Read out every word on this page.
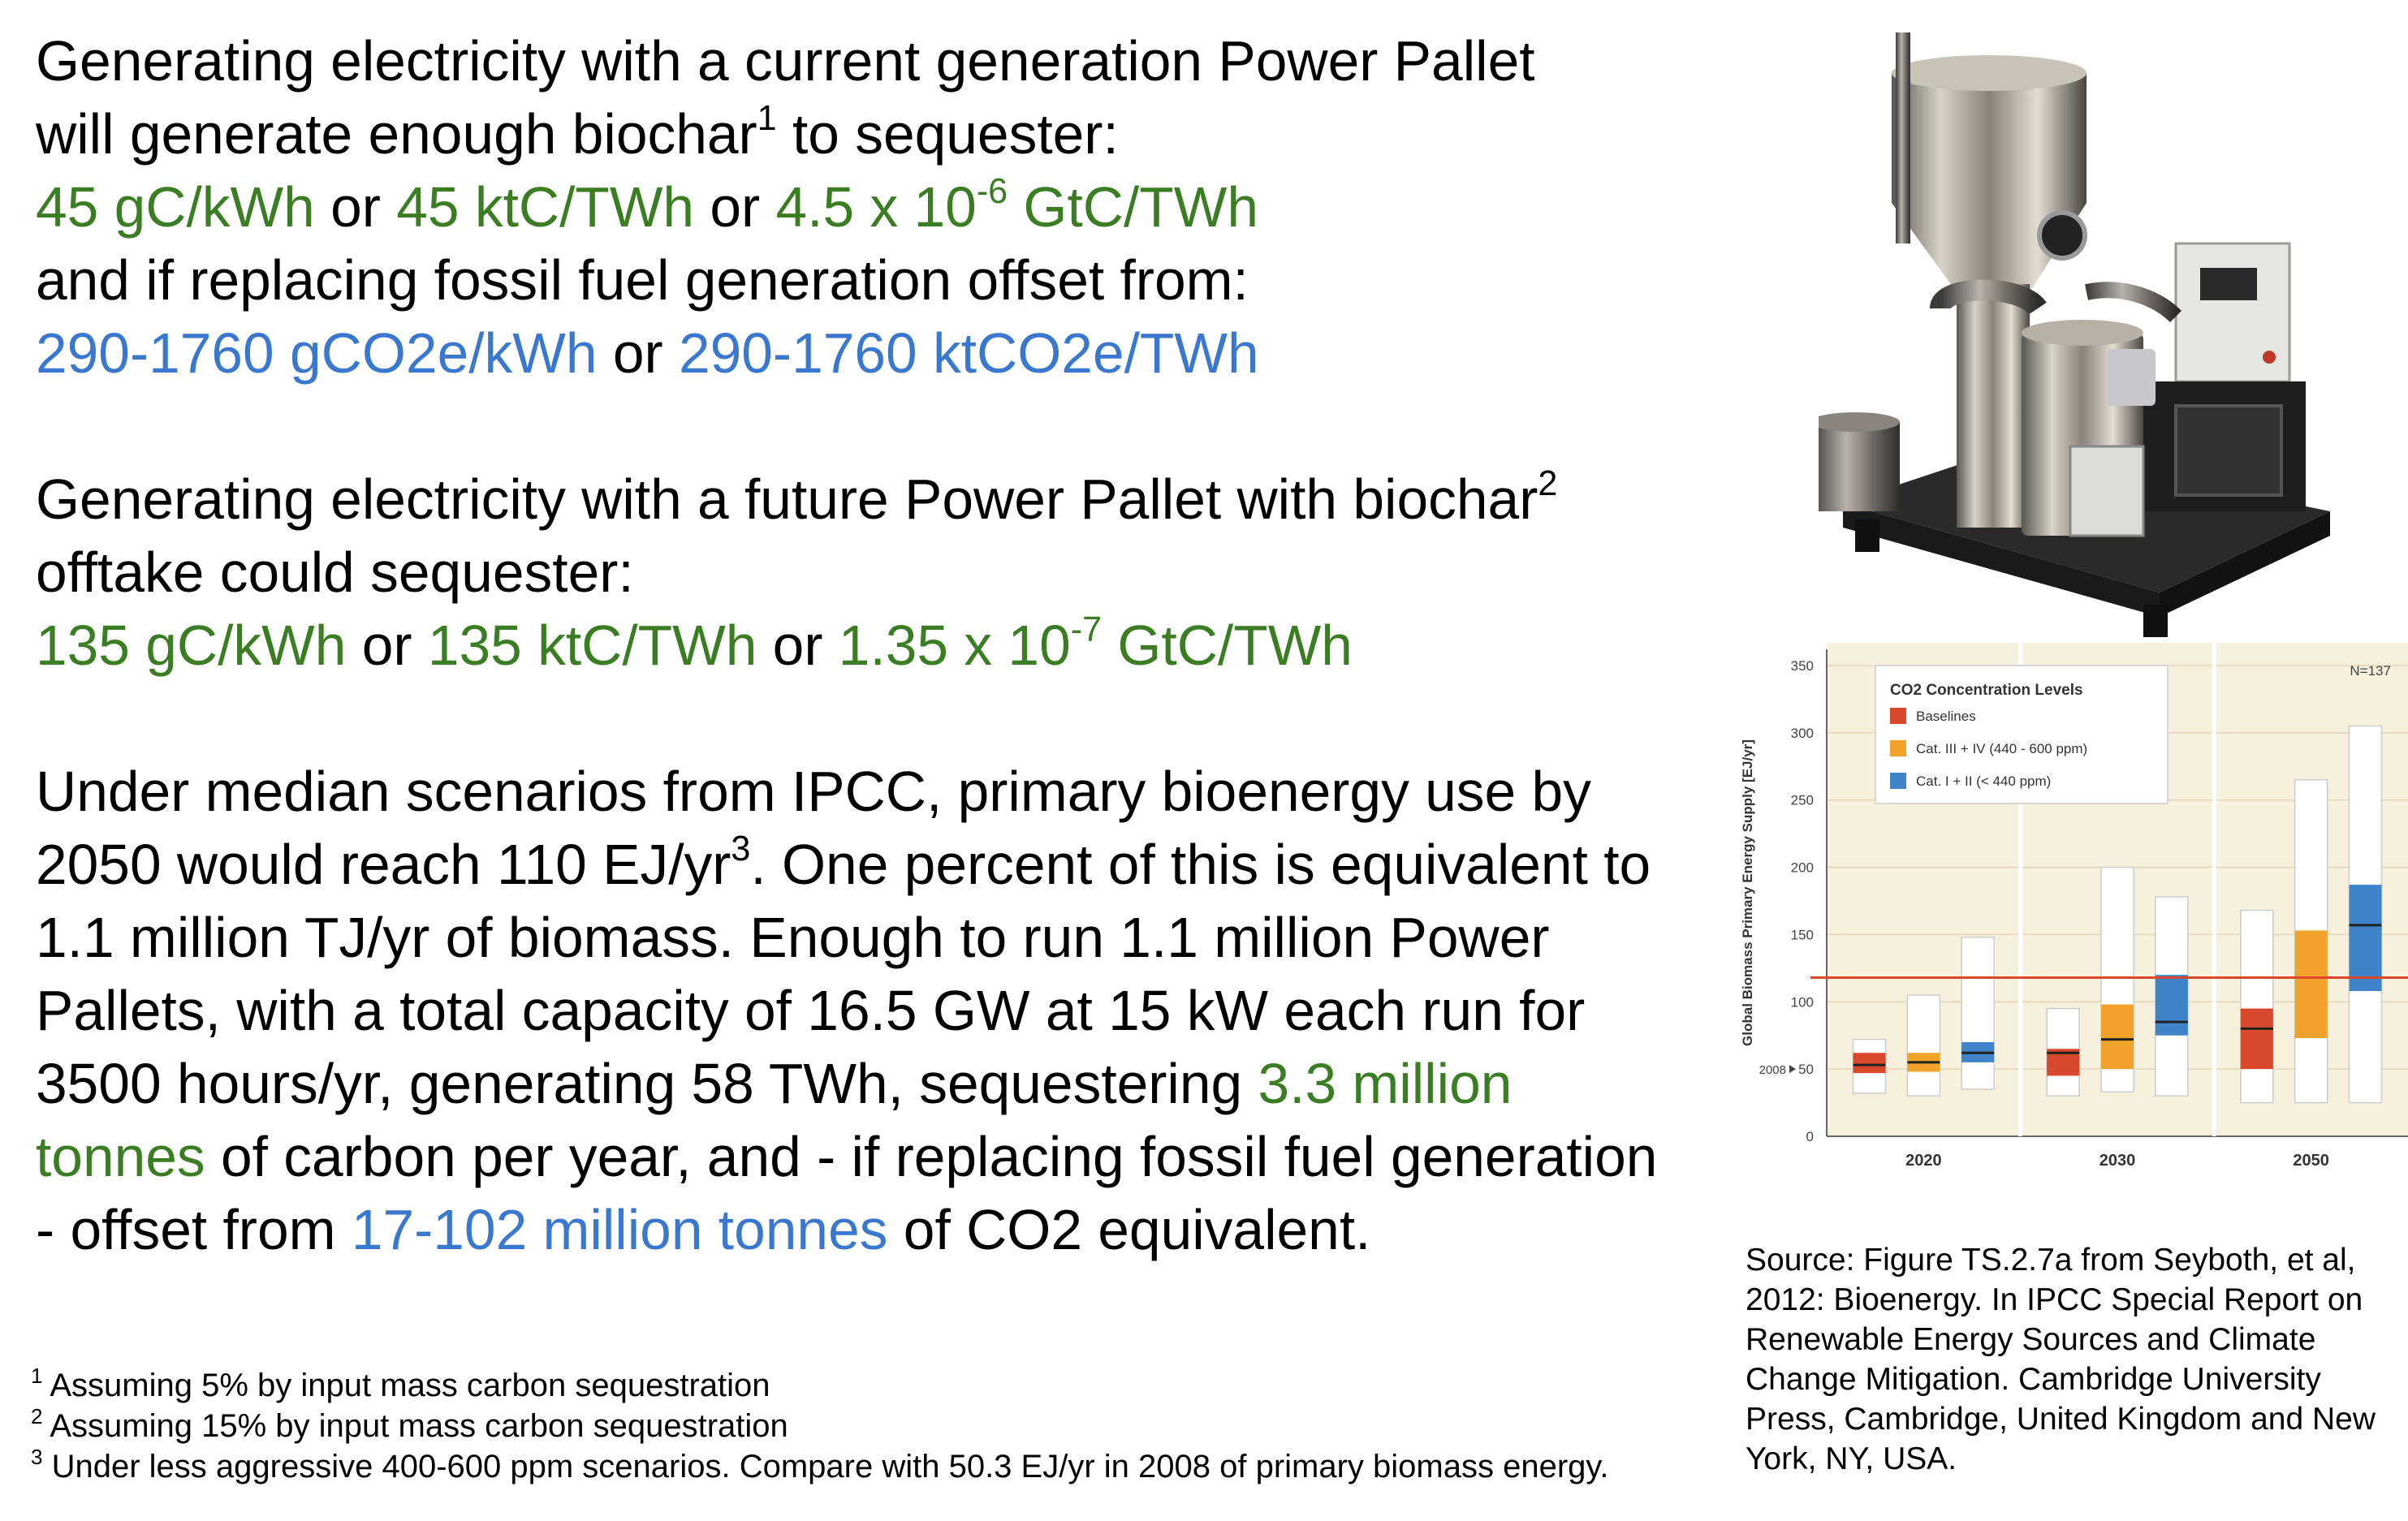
Generating electricity with a current generation Power Pallet

will generate enough biochar$^1$ to sequester:

45 gC/kWh or 45 ktC/TWh or 4.5 x $10^{-6}$ GtC/TWh

and if replacing fossil fuel generation offset from:

290-1760 gCO2e/kWh or 290-1760 ktCO2e/TWh

Generating electricity with a future Power Pallet with biochar$^2$

offtake could sequester:

135 gC/kWh or 135 ktC/TWh or 1.35 x $10^{-7}$ GtC/TWh

Under median scenarios from IPCC, primary bioenergy use by 2050 would reach 110 $EJ/yr^3$. One percent of this is equivalent to 1.1 million TJ/yr of biomass. Enough to run 1.1 million Power Pallets, with a total capacity of 16.5 GW at 15 kW each run for 3500 hours/yr, generating 58 TWh, sequestering 3.3 million tonnes of carbon per year, and - if replacing fossil fuel generation - offset from 17-102 million tonnes of CO2 equivalent.

$^1$ Assuming 5% by input mass carbon sequestration

$^2$ Assuming 15% by input mass carbon sequestration

$^3$ Under less aggressive 400-600 ppm scenarios. Compare with 50.3 EJ/yr in 2008 of primary biomass energy.

Source: Figure TS.2.7a from Seyboth, et al, 2012: Bioenergy. In IPCC Special Report on Renewable Energy Sources and Climate Change Mitigation. Cambridge University Press, Cambridge, United Kingdom and New York, NY, USA.
0
50
100
150
200
250
300
350
2008
Global Biomass Primary Energy Supply [EJ/yr]
2020	2030	2050
N=137
CO2 Concentration Levels
Baselines
Cat. III + IV (440 - 600 ppm)
Cat. I + II (< 440 ppm)
